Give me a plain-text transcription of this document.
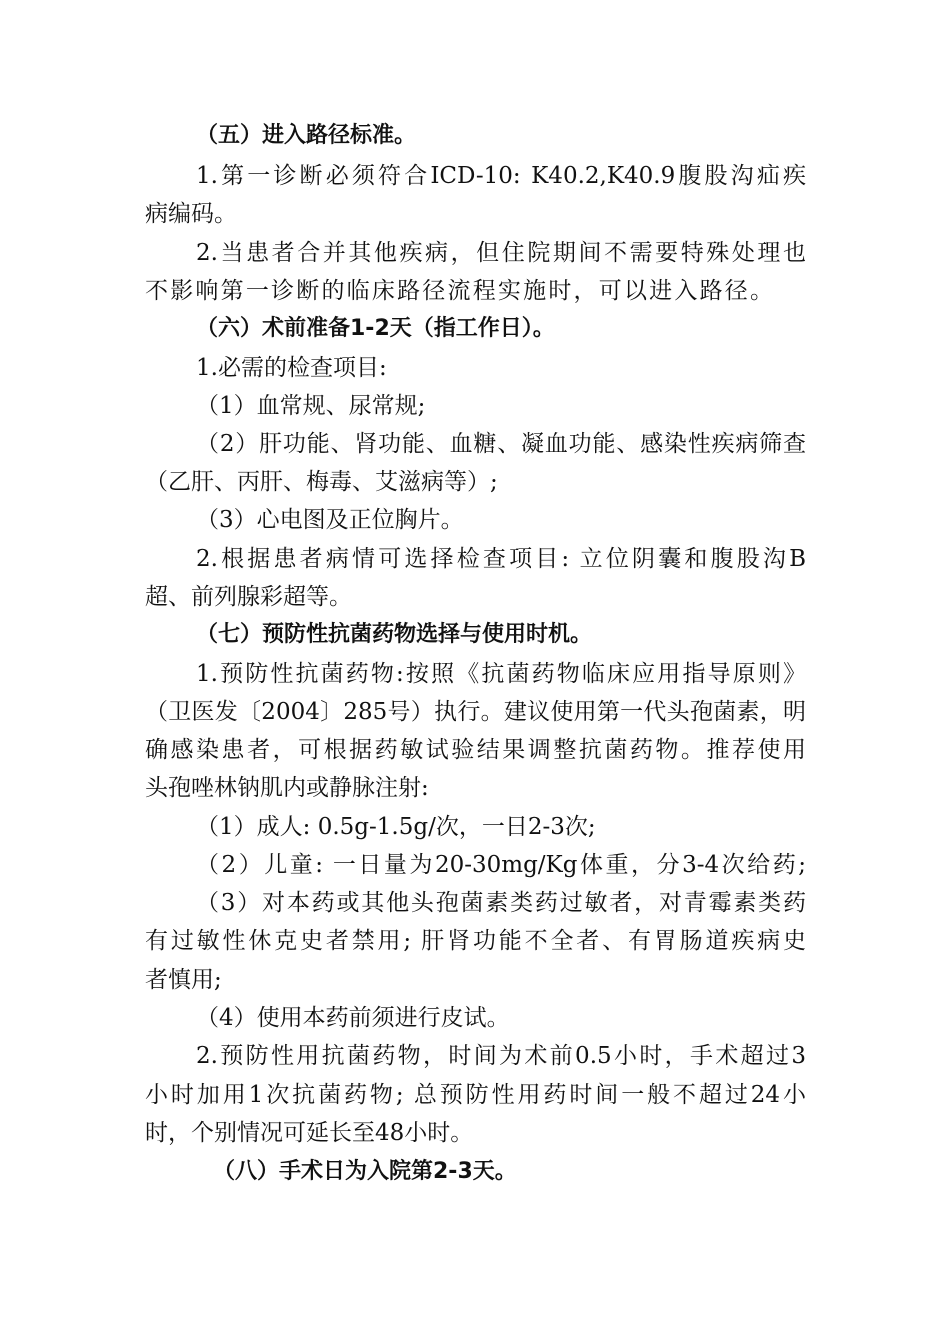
（五）进入路径标准。
1.第一诊断必须符合ICD-10: K40.2,K40.9腹股沟疝疾
病编码。
2.当患者合并其他疾病，但住院期间不需要特殊处理也
不影响第一诊断的临床路径流程实施时，可以进入路径。
（六）术前准备1-2天（指工作日）。
1.必需的检查项目:
（1）血常规、尿常规;
（2）肝功能、肾功能、血糖、凝血功能、感染性疾病筛查
（乙肝、丙肝、梅毒、艾滋病等）;
（3）心电图及正位胸片。
2.根据患者病情可选择检查项目: 立位阴囊和腹股沟B
超、前列腺彩超等。
（七）预防性抗菌药物选择与使用时机。
1.预防性抗菌药物:按照《抗菌药物临床应用指导原则》
（卫医发〔2004〕285号）执行。建议使用第一代头孢菌素，明
确感染患者，可根据药敏试验结果调整抗菌药物。推荐使用
头孢唑林钠肌内或静脉注射:
（1）成人: 0.5g-1.5g/次，一日2-3次;
（2）儿童: 一日量为20-30mg/Kg体重，分3-4次给药;
（3）对本药或其他头孢菌素类药过敏者，对青霉素类药
有过敏性休克史者禁用; 肝肾功能不全者、有胃肠道疾病史
者慎用;
（4）使用本药前须进行皮试。
2.预防性用抗菌药物，时间为术前0.5小时，手术超过3
小时加用1次抗菌药物; 总预防性用药时间一般不超过24小
时，个别情况可延长至48小时。
（八）手术日为入院第2-3天。
